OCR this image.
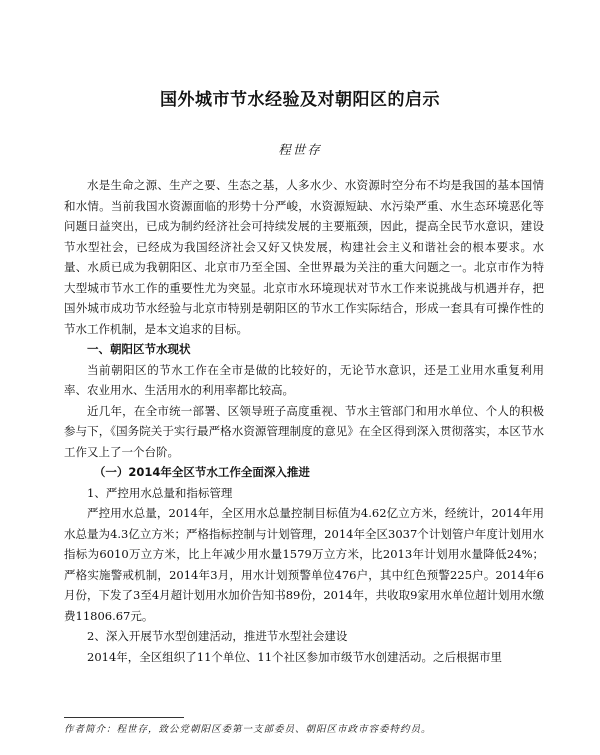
国外城市节水经验及对朝阳区的启示
程世存

水是生命之源、生产之要、生态之基，人多水少、水资源时空分布不均是我国的基本国情和水情。当前我国水资源面临的形势十分严峻，水资源短缺、水污染严重、水生态环境恶化等问题日益突出，已成为制约经济社会可持续发展的主要瓶颈，因此，提高全民节水意识，建设节水型社会，已经成为我国经济社会又好又快发展，构建社会主义和谐社会的根本要求。水量、水质已成为我朝阳区、北京市乃至全国、全世界最为关注的重大问题之一。北京市作为特大型城市节水工作的重要性尤为突显。北京市水环境现状对节水工作来说挑战与机遇并存，把国外城市成功节水经验与北京市特别是朝阳区的节水工作实际结合，形成一套具有可操作性的节水工作机制，是本文追求的目标。

一、朝阳区节水现状

当前朝阳区的节水工作在全市是做的比较好的，无论节水意识，还是工业用水重复利用率、农业用水、生活用水的利用率都比较高。

近几年，在全市统一部署、区领导班子高度重视、节水主管部门和用水单位、个人的积极参与下，《国务院关于实行最严格水资源管理制度的意见》在全区得到深入贯彻落实，本区节水工作又上了一个台阶。

（一）2014年全区节水工作全面深入推进

1、严控用水总量和指标管理

严控用水总量，2014年，全区用水总量控制目标值为4.62亿立方米，经统计，2014年用水总量为4.3亿立方米；严格指标控制与计划管理，2014年全区3037个计划管户年度计划用水指标为6010万立方米，比上年减少用水量1579万立方米，比2013年计划用水量降低24%；严格实施警戒机制，2014年3月，用水计划预警单位476户，其中红色预警225户。2014年6月份，下发了3至4月超计划用水加价告知书89份，2014年，共收取9家用水单位超计划用水缴费11806.67元。

2、深入开展节水型创建活动，推进节水型社会建设

2014年，全区组织了11个单位、11个社区参加市级节水创建活动。之后根据市里

作者简介：程世存，致公党朝阳区委第一支部委员、朝阳区市政市容委特约员。
